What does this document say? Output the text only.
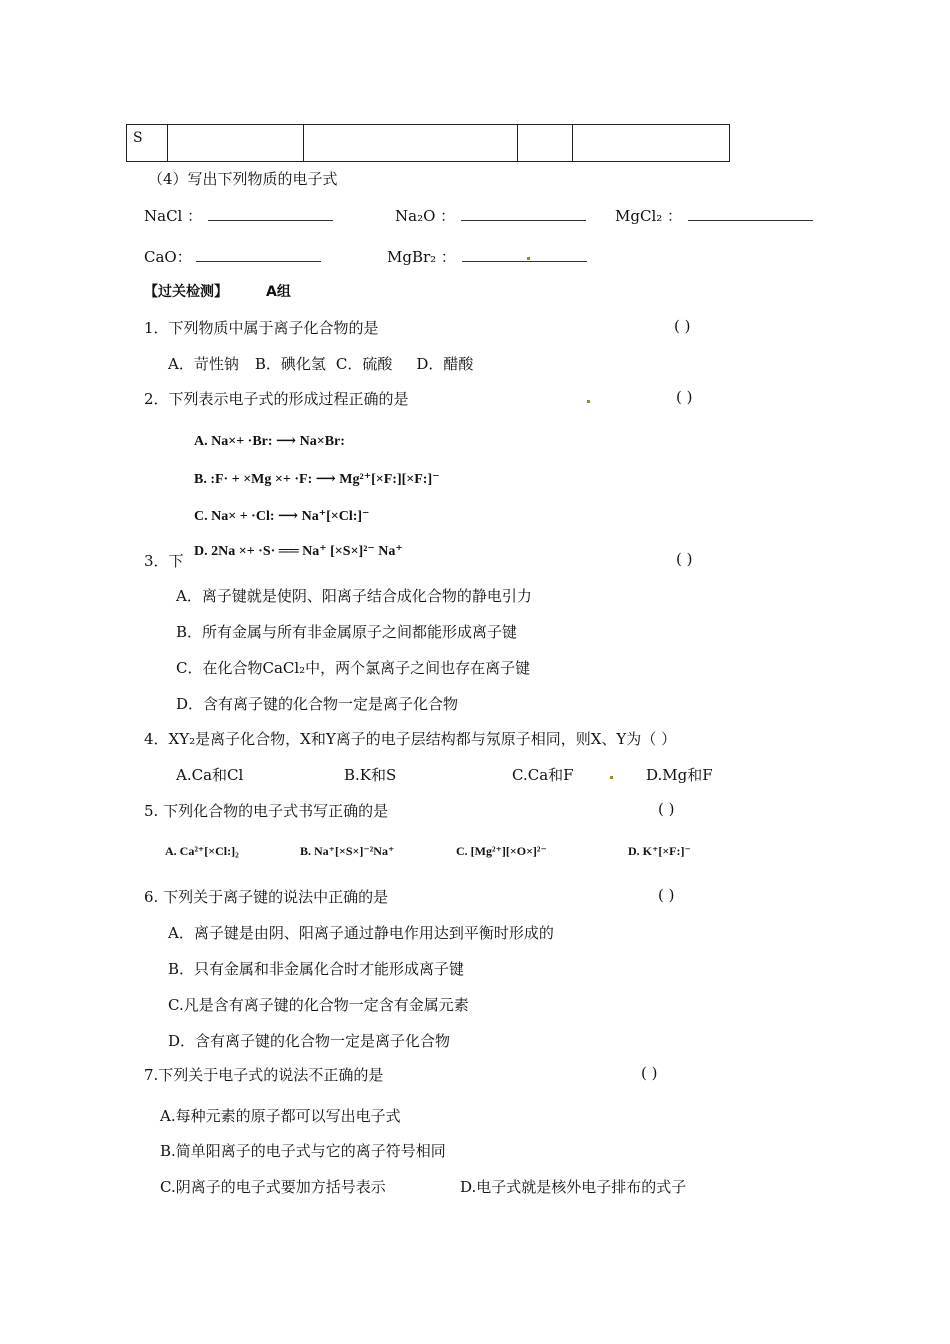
S				
（4）写出下列物质的电子式
NaCl ：	Na₂O ：	MgCl₂ ：
CaO：	MgBr₂ ：
【过关检测】	A组
1．下列物质中属于离子化合物的是	( )
A．苛性钠 B．碘化氢 C．硫酸 D．醋酸
2．下列表示电子式的形成过程正确的是	( )
A. Na×+ ·Br: ⟶ Na×Br:
B. :F· + ×Mg ×+ ·F: ⟶ Mg²⁺[×F:][×F:]⁻
C. Na× + ·Cl: ⟶ Na⁺[×Cl:]⁻
D. 2Na ×+ ·S· ══ Na⁺ [×S×]²⁻ Na⁺
3．下	( )
A．离子键就是使阴、阳离子结合成化合物的静电引力
B．所有金属与所有非金属原子之间都能形成离子键
C．在化合物CaCl₂中，两个氯离子之间也存在离子键
D．含有离子键的化合物一定是离子化合物
4．XY₂是离子化合物，X和Y离子的电子层结构都与氖原子相同，则X、Y为（ ）
A.Ca和Cl	B.K和S	C.Ca和F	D.Mg和F
5. 下列化合物的电子式书写正确的是	( )
A. Ca²⁺[×Cl:]₂	B. Na⁺[×S×]⁻²Na⁺	C. [Mg²⁺][×O×]²⁻	D. K⁺[×F:]⁻
6. 下列关于离子键的说法中正确的是	( )
A．离子键是由阴、阳离子通过静电作用达到平衡时形成的
B．只有金属和非金属化合时才能形成离子键
C.凡是含有离子键的化合物一定含有金属元素
D．含有离子键的化合物一定是离子化合物
7.下列关于电子式的说法不正确的是	( )
A.每种元素的原子都可以写出电子式
B.简单阳离子的电子式与它的离子符号相同
C.阴离子的电子式要加方括号表示	D.电子式就是核外电子排布的式子
